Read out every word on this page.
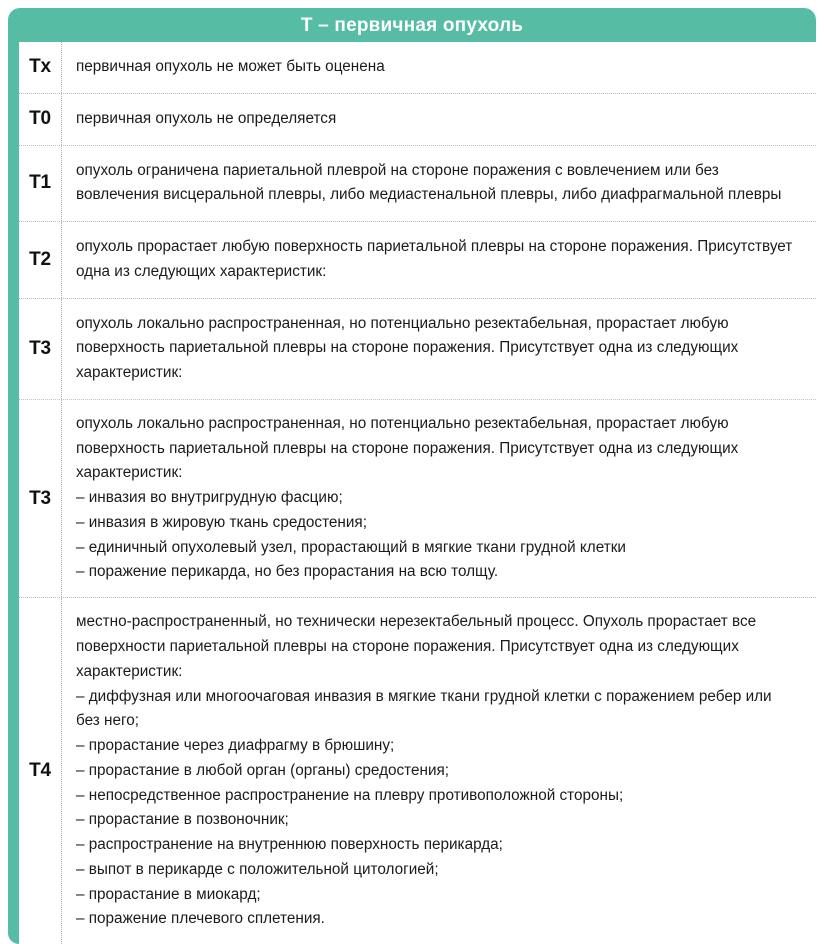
T – первичная опухоль
Tx	первичная опухоль не может быть оценена

T0	первичная опухоль не определяется

T1

опухоль ограничена париетальной плеврой на стороне поражения с вовлечением или без вовлечения висцеральной плевры, либо медиастенальной плевры, либо диафрагмальной плевры

T2

опухоль прорастает любую поверхность париетальной плевры на стороне поражения. Присутствует одна из следующих характеристик:

T3

опухоль локально распространенная, но потенциально резектабельная, прорастает любую поверхность париетальной плевры на стороне поражения. Присутствует одна из следующих характеристик:

T3

опухоль локально распространенная, но потенциально резектабельная, прорастает любую поверхность париетальной плевры на стороне поражения. Присутствует одна из следующих характеристик:

– инвазия во внутригрудную фасцию;

– инвазия в жировую ткань средостения;

– единичный опухолевый узел, прорастающий в мягкие ткани грудной клетки

– поражение перикарда, но без прорастания на всю толщу.

T4

местно-распространенный, но технически нерезектабельный процесс. Опухоль прорастает все поверхности париетальной плевры на стороне поражения. Присутствует одна из следующих характеристик:

– диффузная или многоочаговая инвазия в мягкие ткани грудной клетки с поражением ребер или без него;

– прорастание через диафрагму в брюшину;

– прорастание в любой орган (органы) средостения;

– непосредственное распространение на плевру противоположной стороны;

– прорастание в позвоночник;

– распространение на внутреннюю поверхность перикарда;

– выпот в перикарде с положительной цитологией;

– прорастание в миокард;

– поражение плечевого сплетения.
